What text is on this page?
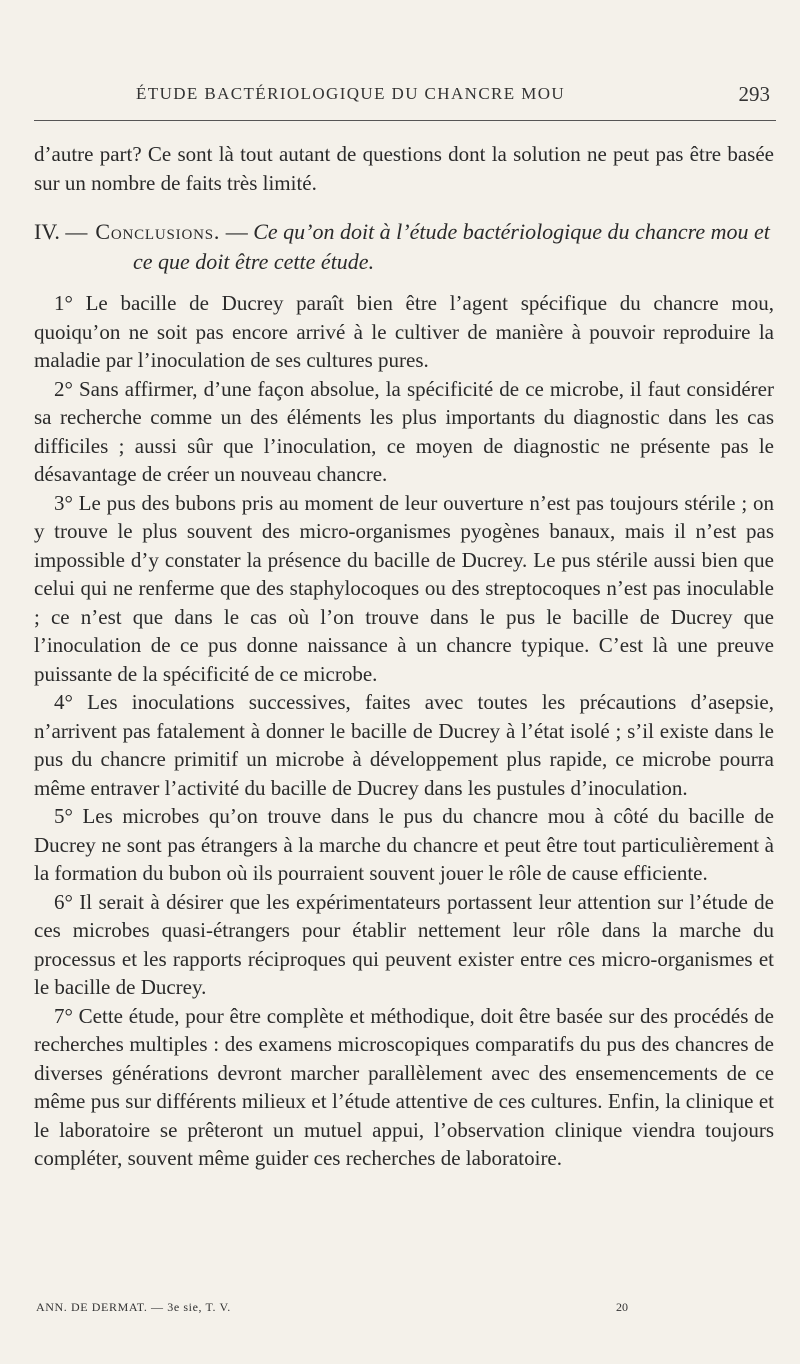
ÉTUDE BACTÉRIOLOGIQUE DU CHANCRE MOU	293

d’autre part? Ce sont là tout autant de questions dont la solution ne peut pas être basée sur un nombre de faits très limité.

IV. — Conclusions. — Ce qu’on doit à l’étude bactériologique du chancre mou et ce que doit être cette étude.

1° Le bacille de Ducrey paraît bien être l’agent spécifique du chancre mou, quoiqu’on ne soit pas encore arrivé à le cultiver de manière à pouvoir reproduire la maladie par l’inoculation de ses cultures pures.

2° Sans affirmer, d’une façon absolue, la spécificité de ce microbe, il faut considérer sa recherche comme un des éléments les plus importants du diagnostic dans les cas difficiles ; aussi sûr que l’inoculation, ce moyen de diagnostic ne présente pas le désavantage de créer un nouveau chancre.

3° Le pus des bubons pris au moment de leur ouverture n’est pas toujours stérile ; on y trouve le plus souvent des micro-organismes pyogènes banaux, mais il n’est pas impossible d’y constater la présence du bacille de Ducrey. Le pus stérile aussi bien que celui qui ne renferme que des staphylocoques ou des streptocoques n’est pas inoculable ; ce n’est que dans le cas où l’on trouve dans le pus le bacille de Ducrey que l’inoculation de ce pus donne naissance à un chancre typique. C’est là une preuve puissante de la spécificité de ce microbe.

4° Les inoculations successives, faites avec toutes les précautions d’asepsie, n’arrivent pas fatalement à donner le bacille de Ducrey à l’état isolé ; s’il existe dans le pus du chancre primitif un microbe à développement plus rapide, ce microbe pourra même entraver l’activité du bacille de Ducrey dans les pustules d’inoculation.

5° Les microbes qu’on trouve dans le pus du chancre mou à côté du bacille de Ducrey ne sont pas étrangers à la marche du chancre et peut être tout particulièrement à la formation du bubon où ils pourraient souvent jouer le rôle de cause efficiente.

6° Il serait à désirer que les expérimentateurs portassent leur attention sur l’étude de ces microbes quasi-étrangers pour établir nettement leur rôle dans la marche du processus et les rapports réciproques qui peuvent exister entre ces micro-organismes et le bacille de Ducrey.

7° Cette étude, pour être complète et méthodique, doit être basée sur des procédés de recherches multiples : des examens microscopiques comparatifs du pus des chancres de diverses générations devront marcher parallèlement avec des ensemencements de ce même pus sur différents milieux et l’étude attentive de ces cultures. Enfin, la clinique et le laboratoire se prêteront un mutuel appui, l’observation clinique viendra toujours compléter, souvent même guider ces recherches de laboratoire.

ANN. DE DERMAT. — 3e sie, T. V.	20
